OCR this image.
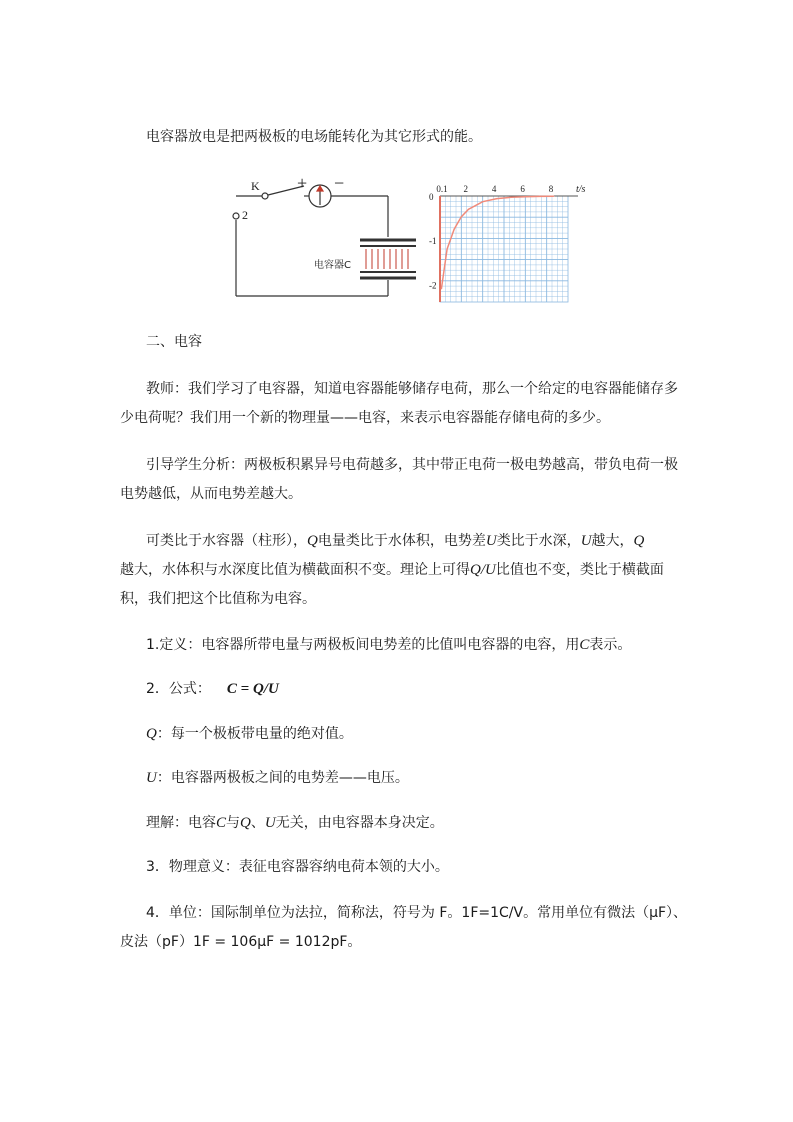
电容器放电是把两极板的电场能转化为其它形式的能。

K
2
+ −
电容器C
0.1 2	4	6	8 t/s
0
-1
-2

二、电容

教师：我们学习了电容器，知道电容器能够储存电荷，那么一个给定的电容器能储存多

少电荷呢？我们用一个新的物理量——电容，来表示电容器能存储电荷的多少。

引导学生分析：两极板积累异号电荷越多，其中带正电荷一极电势越高，带负电荷一极

电势越低，从而电势差越大。

可类比于水容器（柱形），Q电量类比于水体积，电势差U类比于水深，U越大，Q

越大，水体积与水深度比值为横截面积不变。理论上可得Q/U比值也不变，类比于横截面

积，我们把这个比值称为电容。

1.定义：电容器所带电量与两极板间电势差的比值叫电容器的电容，用C表示。

2．公式： C = Q/U

Q：每一个极板带电量的绝对值。

U：电容器两极板之间的电势差——电压。

理解：电容C与Q、U无关，由电容器本身决定。

3．物理意义：表征电容器容纳电荷本领的大小。

4．单位：国际制单位为法拉，简称法，符号为 F。1F=1C/V。常用单位有微法（μF）、

皮法（pF）1F = 106μF = 1012pF。
